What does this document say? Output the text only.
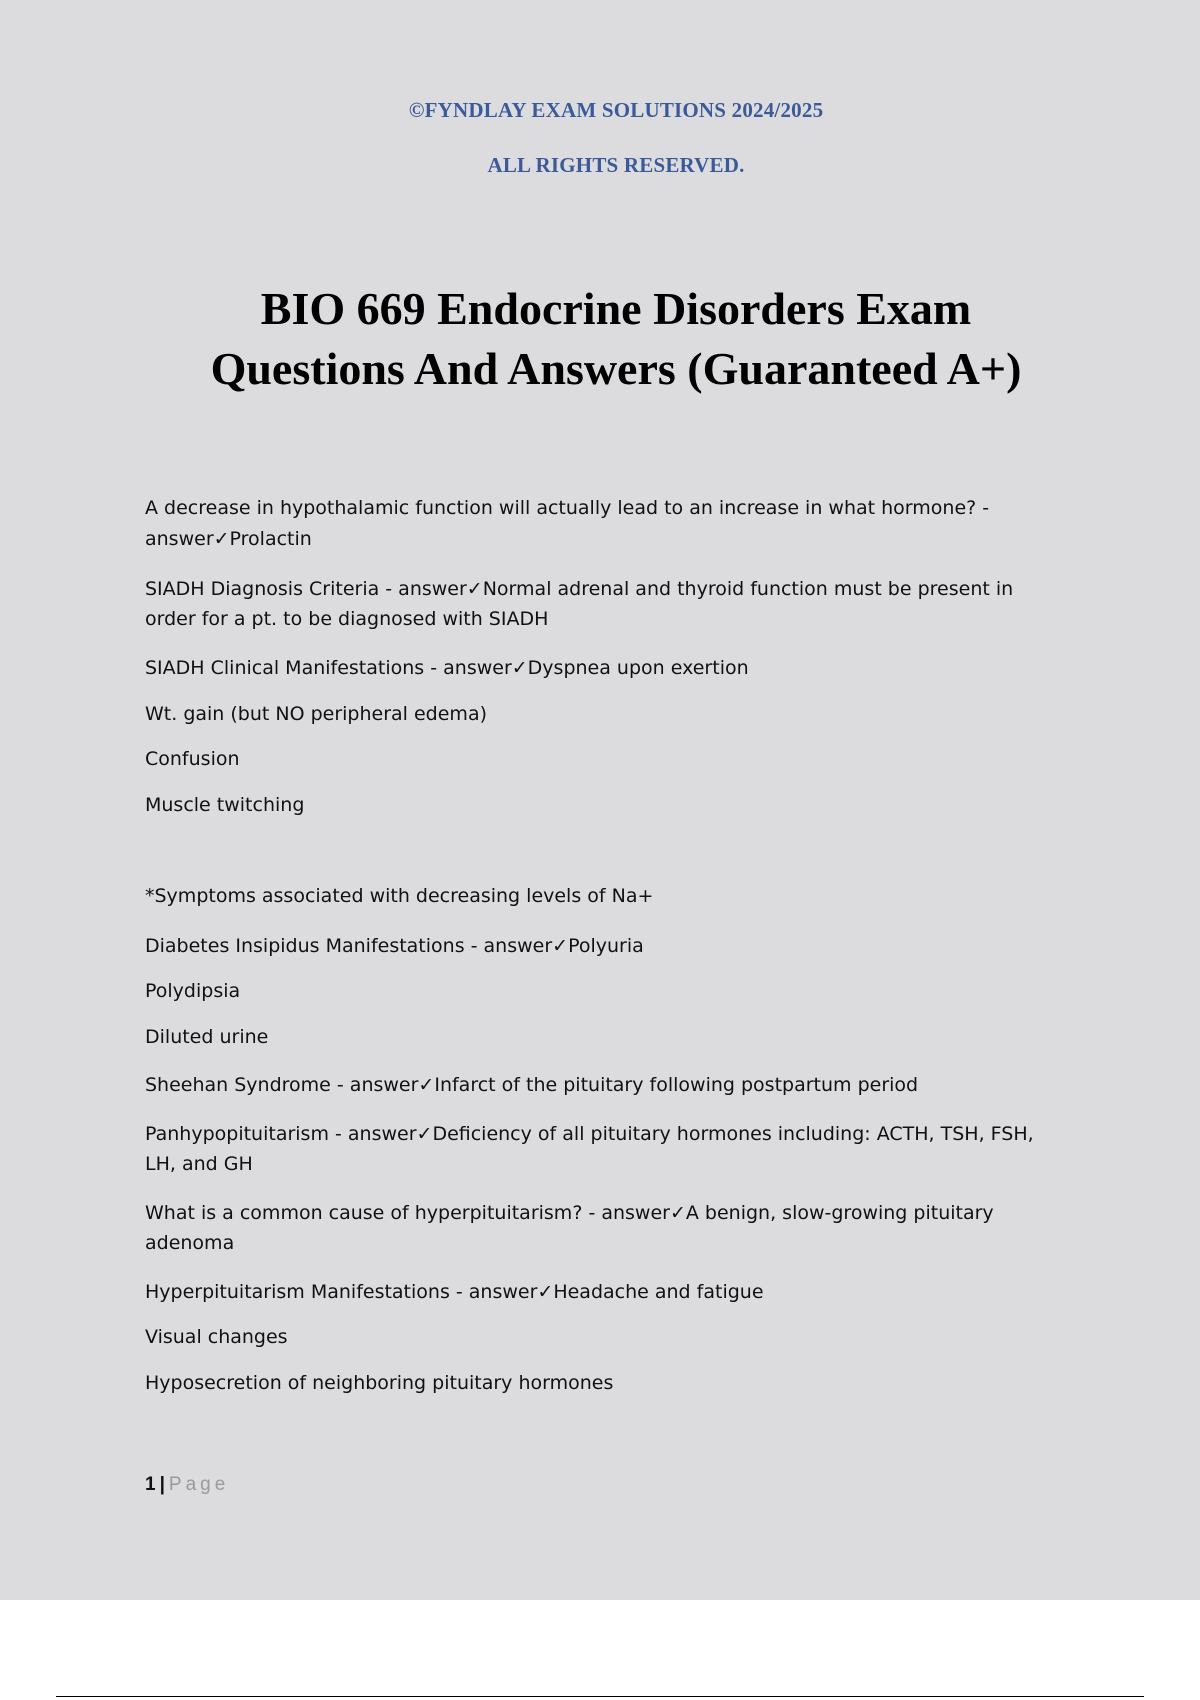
©FYNDLAY EXAM SOLUTIONS 2024/2025
ALL RIGHTS RESERVED.
BIO 669 Endocrine Disorders Exam
Questions And Answers (Guaranteed A+)
A decrease in hypothalamic function will actually lead to an increase in what hormone? -
answer✓Prolactin
SIADH Diagnosis Criteria - answer✓Normal adrenal and thyroid function must be present in
order for a pt. to be diagnosed with SIADH
SIADH Clinical Manifestations - answer✓Dyspnea upon exertion
Wt. gain (but NO peripheral edema)
Confusion
Muscle twitching
*Symptoms associated with decreasing levels of Na+
Diabetes Insipidus Manifestations - answer✓Polyuria
Polydipsia
Diluted urine
Sheehan Syndrome - answer✓Infarct of the pituitary following postpartum period
Panhypopituitarism - answer✓Deficiency of all pituitary hormones including: ACTH, TSH, FSH,
LH, and GH
What is a common cause of hyperpituitarism? - answer✓A benign, slow-growing pituitary
adenoma
Hyperpituitarism Manifestations - answer✓Headache and fatigue
Visual changes
Hyposecretion of neighboring pituitary hormones
1 | Page
